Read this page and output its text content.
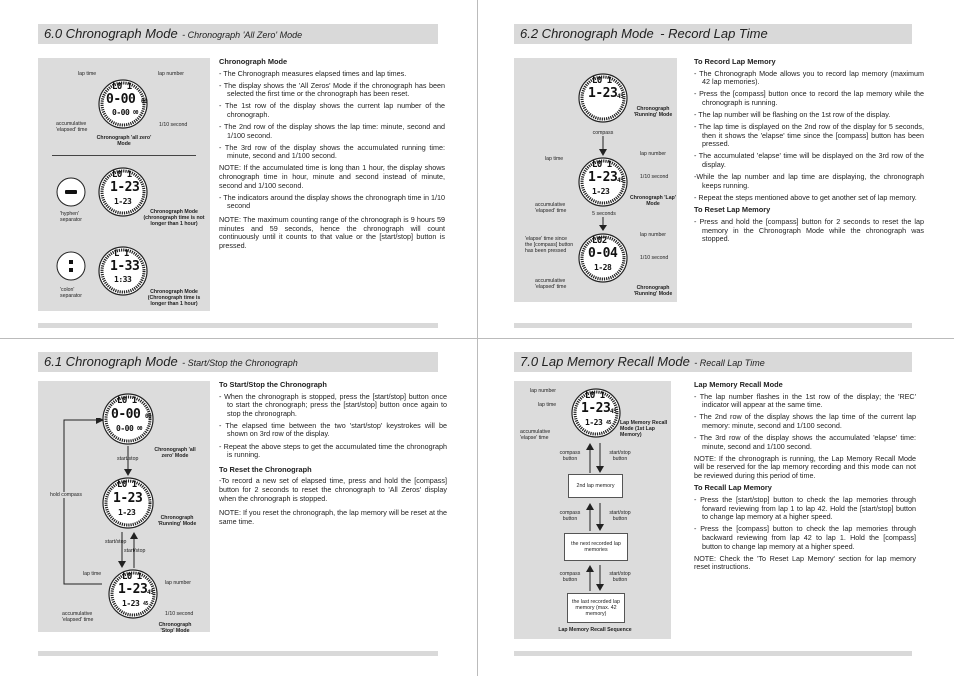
6.0 Chronograph Mode - Chronograph 'All Zero' Mode
Chronograph Mode

- The Chronograph measures elapsed times and lap times.

- The display shows the 'All Zeros' Mode if the chronograph has been selected the first time or the chronograph has been reset.

- The 1st row of the display shows the current lap number of the chronograph.

- The 2nd row of the display shows the lap time: minute, second and 1/100 second.

- The 3rd row of the display shows the accumulated running time: minute, second and 1/100 second.

NOTE: If the accumulated time is long than 1 hour, the display shows chronograph time in hour, minute and second instead of minute, second and 1/100 second.

- The indicators around the display shows the chronograph time in 1/10 second

NOTE: The maximum counting range of the chronograph is 9 hours 59 minutes and 59 seconds, hence the chronograph will count continuously until it counts to that value or the [start/stop] button is pressed.

L0 1
0-00 00
0-00 00
lap time	lap number
accumulative 'elapsed' time
1/10 second
Chronograph 'all zero' Mode
L0 1
1-23
1-23
'hyphen' separator
Chronograph Mode (chronograph time is not longer than 1 hour)
L 1
1-33
1:33
'colon' separator
Chronograph Mode (Chronograph time is longer than 1 hour)
6.2 Chronograph Mode - Record Lap Time
To Record Lap Memory

- The Chronograph Mode allows you to record lap memory (maximum 42 lap memories).

- Press the [compass] button once to record the lap memory while the chronograph is running.

- The lap number will be flashing on the 1st row of the display.

- The lap time is displayed on the 2nd row of the display for 5 seconds, then it shows the 'elapse' time since the [compass] button has been pressed.

- The accumulated 'elapse' time will be displayed on the 3rd row of the display.

-While the lap number and lap time are displaying, the chronograph keeps running.

- Repeat the steps mentioned above to get another set of lap memory.

To Reset Lap Memory

- Press and hold the [compass] button for 2 seconds to reset the lap memory in the Chronograph Mode while the chronograph was stopped.

L0 1
1-23 45
Chronograph 'Running' Mode
compass
L0 1
1-23 45
1-23
lap time
lap number
1/10 second
accumulative 'elapsed' time
Chronograph 'Lap' Mode
5 seconds
L02
0-04
1-28
'elapse' time since the [compass] button has been pressed
lap number
1/10 second
accumulative 'elapsed' time	Chronograph 'Running' Mode
6.1 Chronograph Mode - Start/Stop the Chronograph
To Start/Stop the Chronograph

- When the chronograph is stopped, press the [start/stop] button once to start the chronograph; press the [start/stop] button once again to stop the chronograph.

- The elapsed time between the two 'start/stop' keystrokes will be shown on 3rd row of the display.

- Repeat the above steps to get the accumulated time the chronograph is running.

To Reset the Chronograph

-To record a new set of elapsed time, press and hold the [compass] button for 2 seconds to reset the chronograph to 'All Zeros' display when the chronograph is stopped.

NOTE: If you reset the chronograph, the lap memory will be reset at the same time.

L0 1
0-00 00
0-00 00
Chronograph 'all zero' Mode
start/stop
L0 1
1-23
1-23
Chronograph 'Running' Mode
start/stop
start/stop
hold compass
L0 1
1-23 45
1-23 45
lap time
lap number
accumulative 'elapsed' time
1/10 second
Chronograph 'Stop' Mode
7.0 Lap Memory Recall Mode - Recall Lap Time
Lap Memory Recall Mode

- The lap number flashes in the 1st row of the display; the 'REC' indicator will appear at the same time.

- The 2nd row of the display shows the lap time of the current lap memory: minute, second and 1/100 second.

- The 3rd row of the display shows the accumulated 'elapse' time: minute, second and 1/100 second.

NOTE: If the chronograph is running, the Lap Memory Recall Mode will be reserved for the lap memory recording and this mode can not be reviewed during this period of time.

To Recall Lap Memory

- Press the [start/stop] button to check the lap memories through forward reviewing from lap 1 to lap 42. Hold the [start/stop] button to change lap memory at a higher speed.

- Press the [compass] button to check the lap memories through backward reviewing from lap 42 to lap 1. Hold the [compass] button to change lap memory at a higher speed.

NOTE: Check the 'To Reset Lap Memory' section for lap memory reset instructions.

L0 1
1-23 45
1-23 45
lap number
lap time
accumulative 'elapse' time
Lap Memory Recall Mode (1st Lap Memory)
compass button
start/stop button
2nd lap memory
compass button
start/stop button
the next recorded lap memories
compass button
start/stop button
the last recorded lap memory (max. 42 memory)
Lap Memory Recall Sequence
